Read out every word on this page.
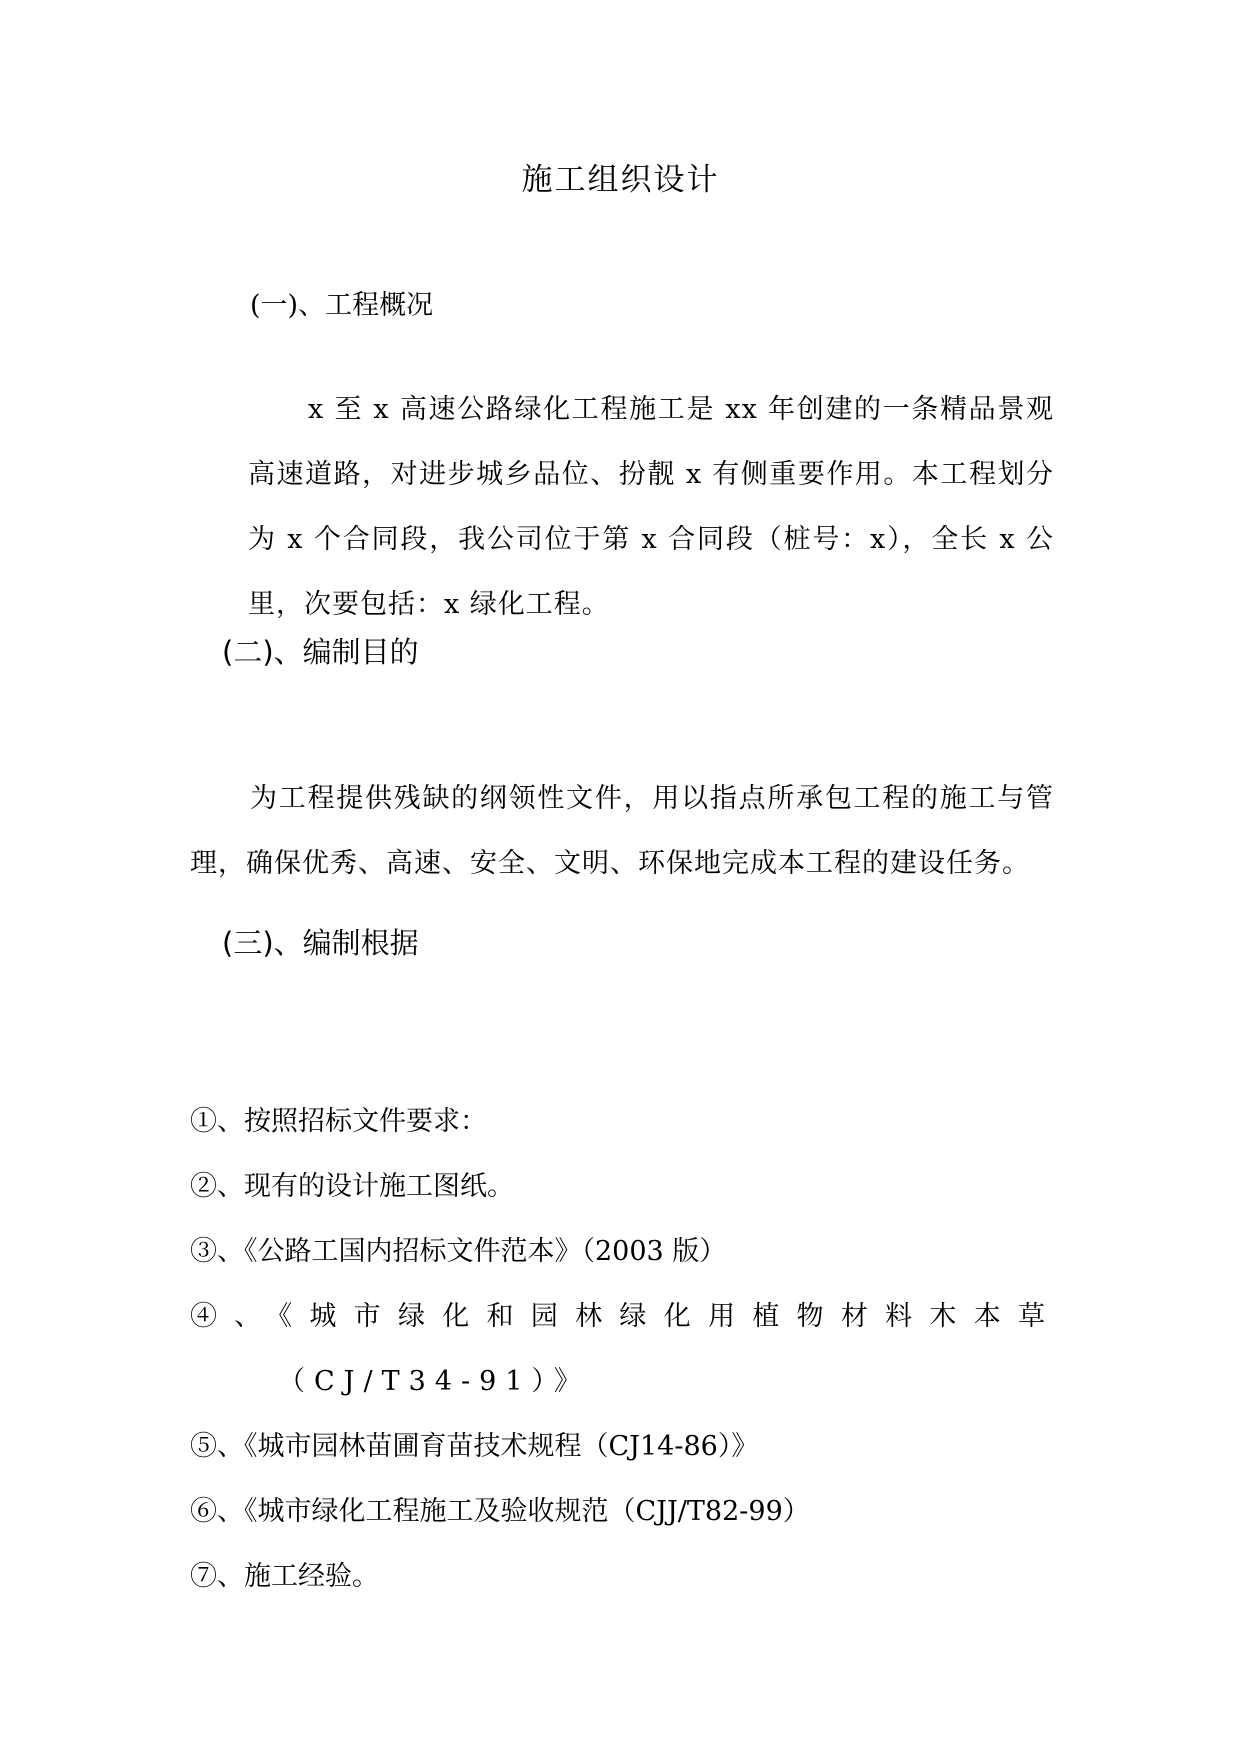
施工组织设计
(一)、工程概况
x 至 x 高速公路绿化工程施工是 xx 年创建的一条精品景观高速道路，对进步城乡品位、扮靓 x 有侧重要作用。本工程划分为 x 个合同段，我公司位于第 x 合同段（桩号：x），全长 x 公里，次要包括：x 绿化工程。
(二)、编制目的
为工程提供残缺的纲领性文件，用以指点所承包工程的施工与管理，确保优秀、高速、安全、文明、环保地完成本工程的建设任务。
(三)、编制根据
①、按照招标文件要求：
②、现有的设计施工图纸。
③、《公路工国内招标文件范本》（2003 版）
④、《城市绿化和园林绿化用植物材料木本草（CJ/T34-91）》
⑤、《城市园林苗圃育苗技术规程（CJ14-86）》
⑥、《城市绿化工程施工及验收规范（CJJ/T82-99）
⑦、施工经验。
